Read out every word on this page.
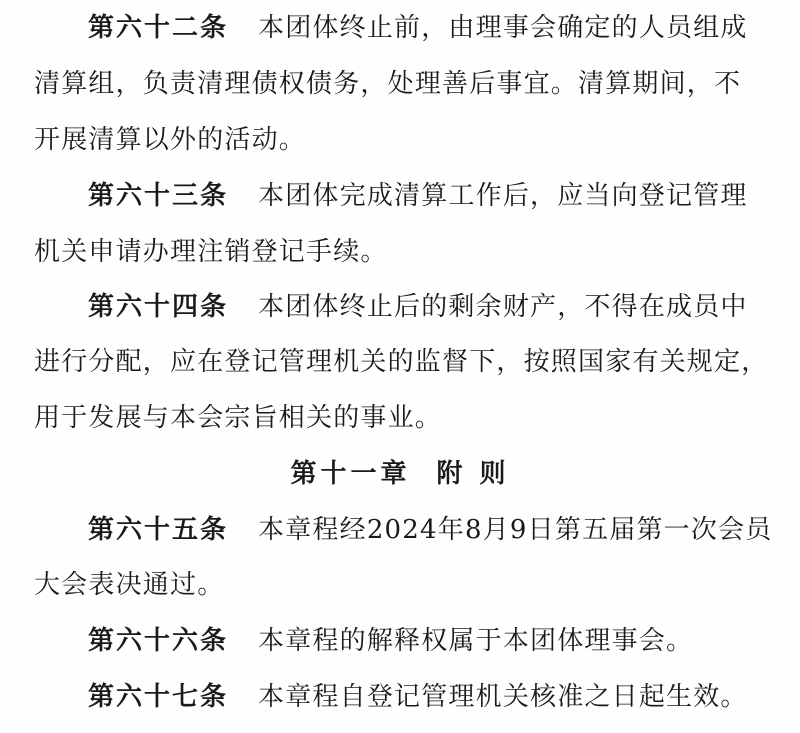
第六十二条 本团体终止前，由理事会确定的人员组成
清算组，负责清理债权债务，处理善后事宜。清算期间，不
开展清算以外的活动。
第六十三条 本团体完成清算工作后，应当向登记管理
机关申请办理注销登记手续。
第六十四条 本团体终止后的剩余财产，不得在成员中
进行分配，应在登记管理机关的监督下，按照国家有关规定，
用于发展与本会宗旨相关的事业。
第十一章 附 则
第六十五条 本章程经2024年8月9日第五届第一次会员
大会表决通过。
第六十六条 本章程的解释权属于本团体理事会。
第六十七条 本章程自登记管理机关核准之日起生效。
